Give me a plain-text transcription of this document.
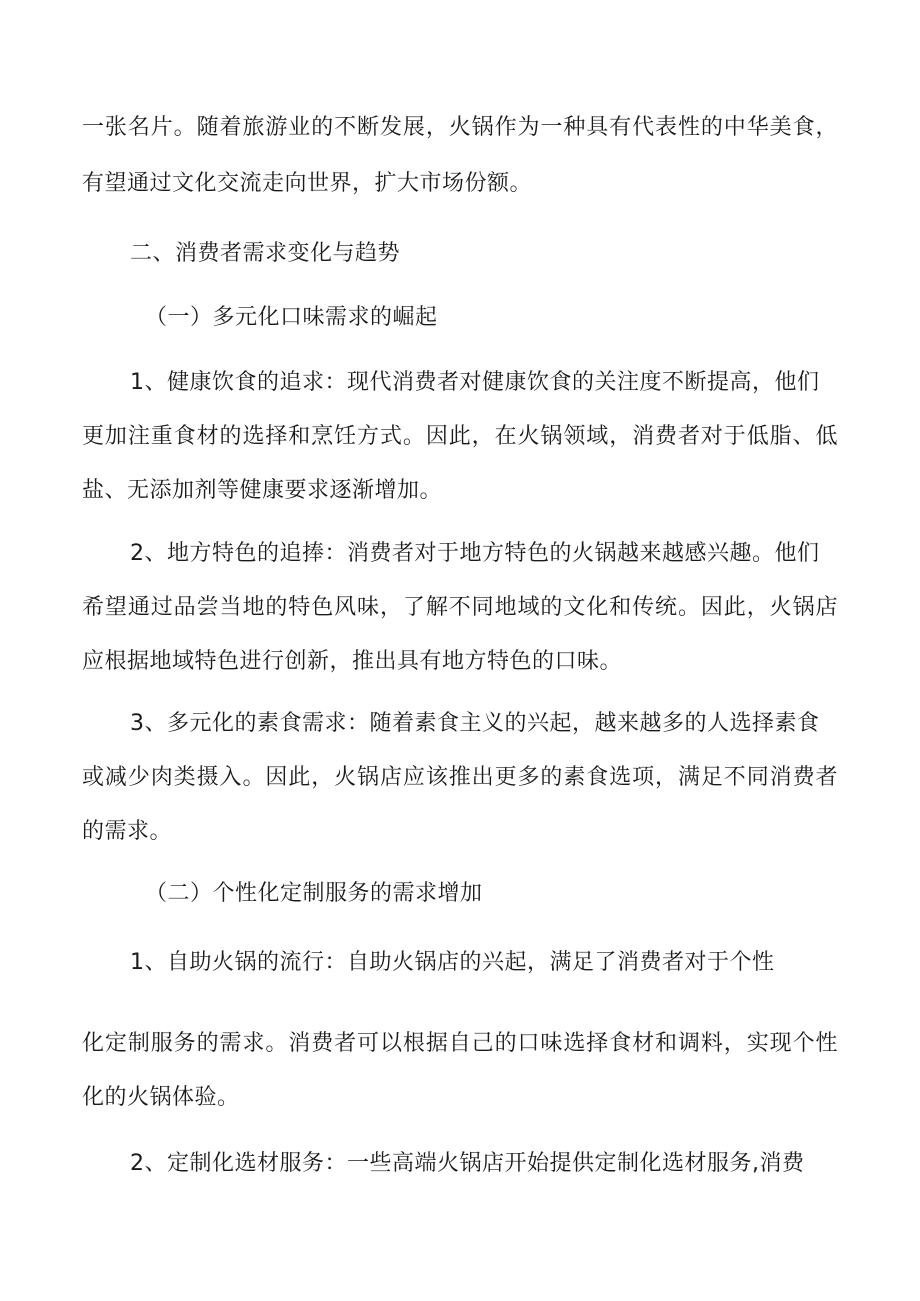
一张名片。随着旅游业的不断发展，火锅作为一种具有代表性的中华美食，
有望通过文化交流走向世界，扩大市场份额。
二、消费者需求变化与趋势
（一）多元化口味需求的崛起
1、健康饮食的追求：现代消费者对健康饮食的关注度不断提高，他们
更加注重食材的选择和烹饪方式。因此，在火锅领域，消费者对于低脂、低
盐、无添加剂等健康要求逐渐增加。
2、地方特色的追捧：消费者对于地方特色的火锅越来越感兴趣。他们
希望通过品尝当地的特色风味，了解不同地域的文化和传统。因此，火锅店
应根据地域特色进行创新，推出具有地方特色的口味。
3、多元化的素食需求：随着素食主义的兴起，越来越多的人选择素食
或减少肉类摄入。因此，火锅店应该推出更多的素食选项，满足不同消费者
的需求。
（二）个性化定制服务的需求增加
1、自助火锅的流行：自助火锅店的兴起，满足了消费者对于个性
化定制服务的需求。消费者可以根据自己的口味选择食材和调料，实现个性
化的火锅体验。
2、定制化选材服务：一些高端火锅店开始提供定制化选材服务,消费
